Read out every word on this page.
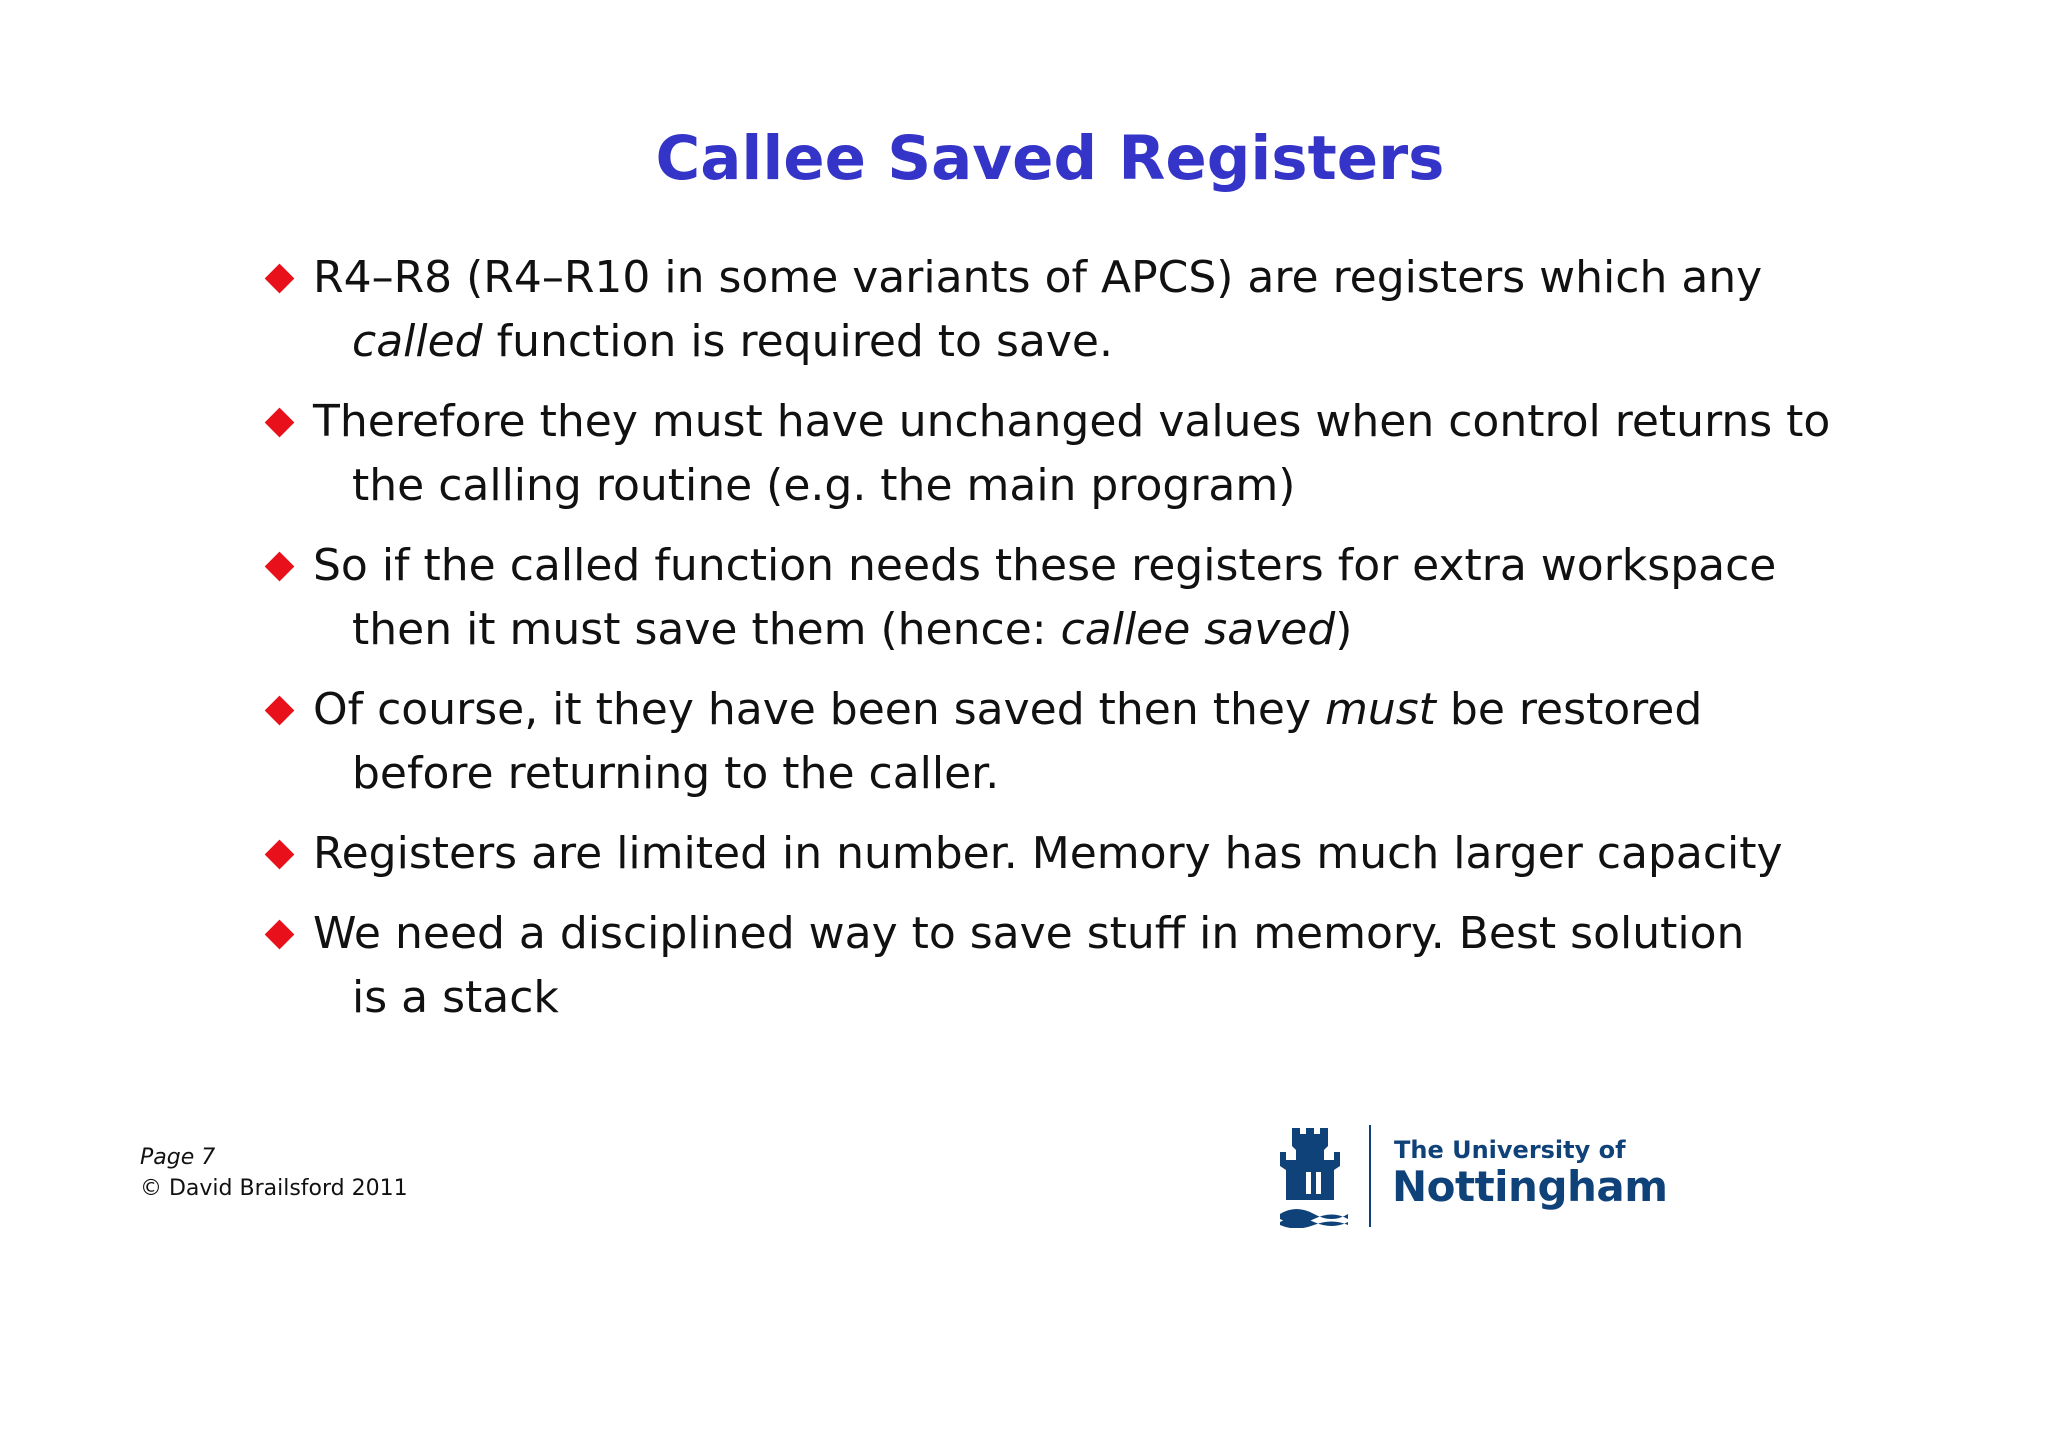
Callee Saved Registers
R4–R8 (R4–R10 in some variants of APCS) are registers which any
called function is required to save.
Therefore they must have unchanged values when control returns to
the calling routine (e.g. the main program)
So if the called function needs these registers for extra workspace
then it must save them (hence: callee saved)
Of course, it they have been saved then they must be restored
before returning to the caller.
Registers are limited in number. Memory has much larger capacity
We need a disciplined way to save stuff in memory. Best solution
is a stack
Page 7
© David Brailsford 2011
The University of
Nottingham
